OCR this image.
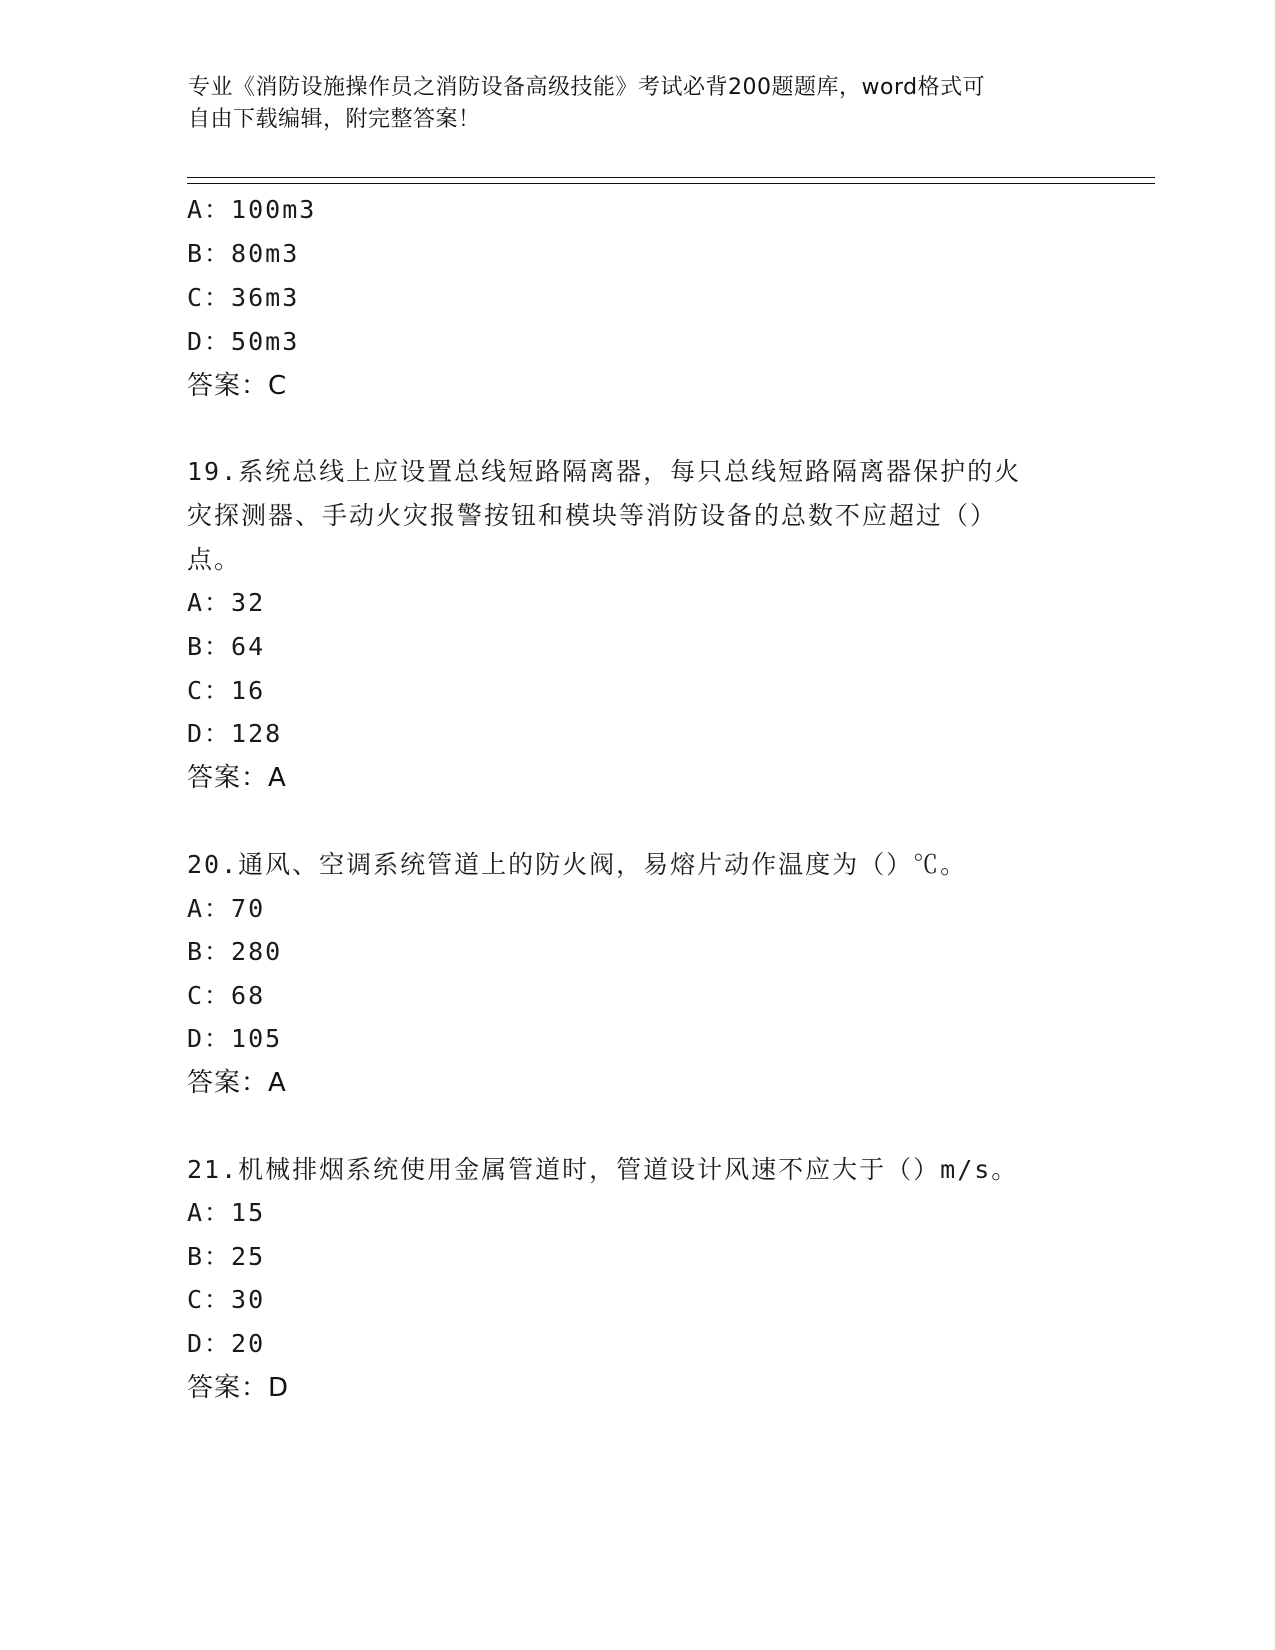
专业《消防设施操作员之消防设备高级技能》考试必背200题题库，word格式可
自由下载编辑，附完整答案！
A：100m3
B：80m3
C：36m3
D：50m3
答案：C
19.系统总线上应设置总线短路隔离器，每只总线短路隔离器保护的火
灾探测器、手动火灾报警按钮和模块等消防设备的总数不应超过（）
点。
A：32
B：64
C：16
D：128
答案：A
20.通风、空调系统管道上的防火阀，易熔片动作温度为（）℃。
A：70
B：280
C：68
D：105
答案：A
21.机械排烟系统使用金属管道时，管道设计风速不应大于（）m/s。
A：15
B：25
C：30
D：20
答案：D
